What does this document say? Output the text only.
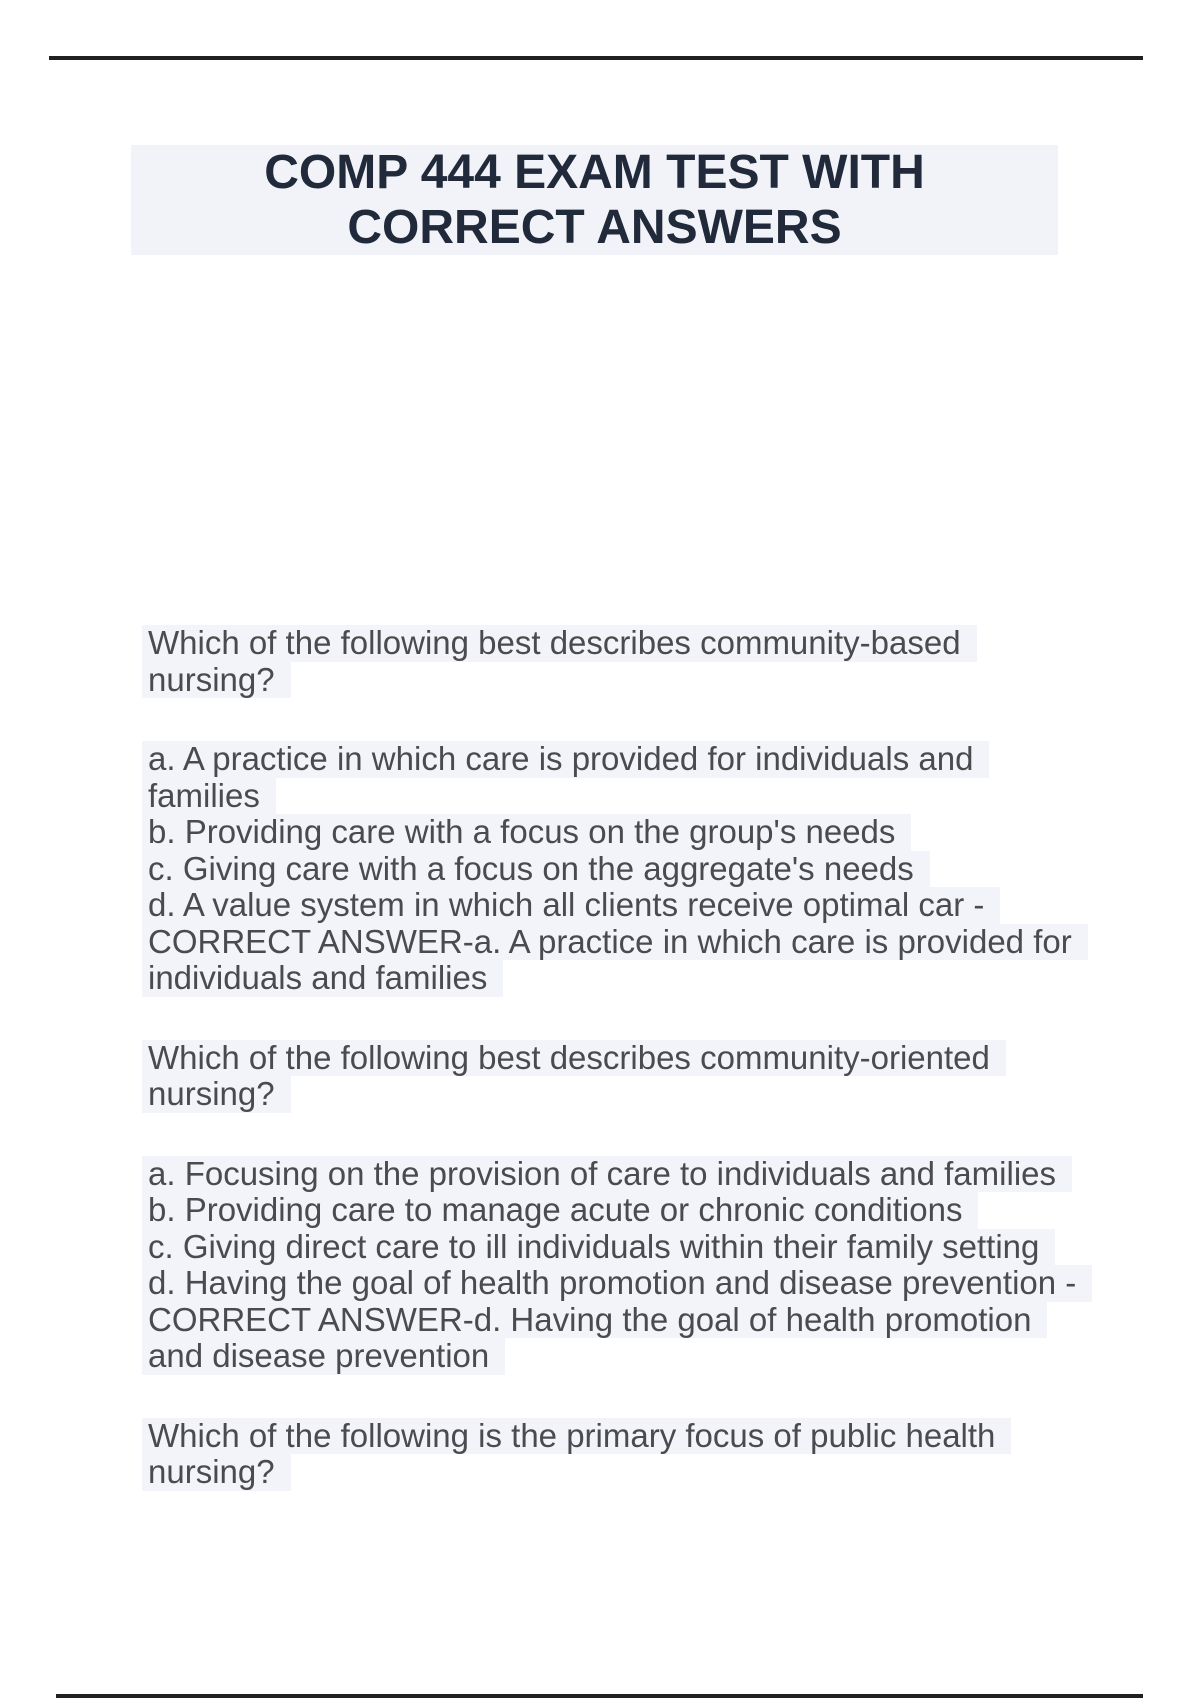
COMP 444 EXAM TEST WITH
CORRECT ANSWERS
Which of the following best describes community-based
nursing?
a. A practice in which care is provided for individuals and
families
b. Providing care with a focus on the group's needs
c. Giving care with a focus on the aggregate's needs
d. A value system in which all clients receive optimal car -
CORRECT ANSWER-a. A practice in which care is provided for
individuals and families
Which of the following best describes community-oriented
nursing?
a. Focusing on the provision of care to individuals and families
b. Providing care to manage acute or chronic conditions
c. Giving direct care to ill individuals within their family setting
d. Having the goal of health promotion and disease prevention -
CORRECT ANSWER-d. Having the goal of health promotion
and disease prevention
Which of the following is the primary focus of public health
nursing?
